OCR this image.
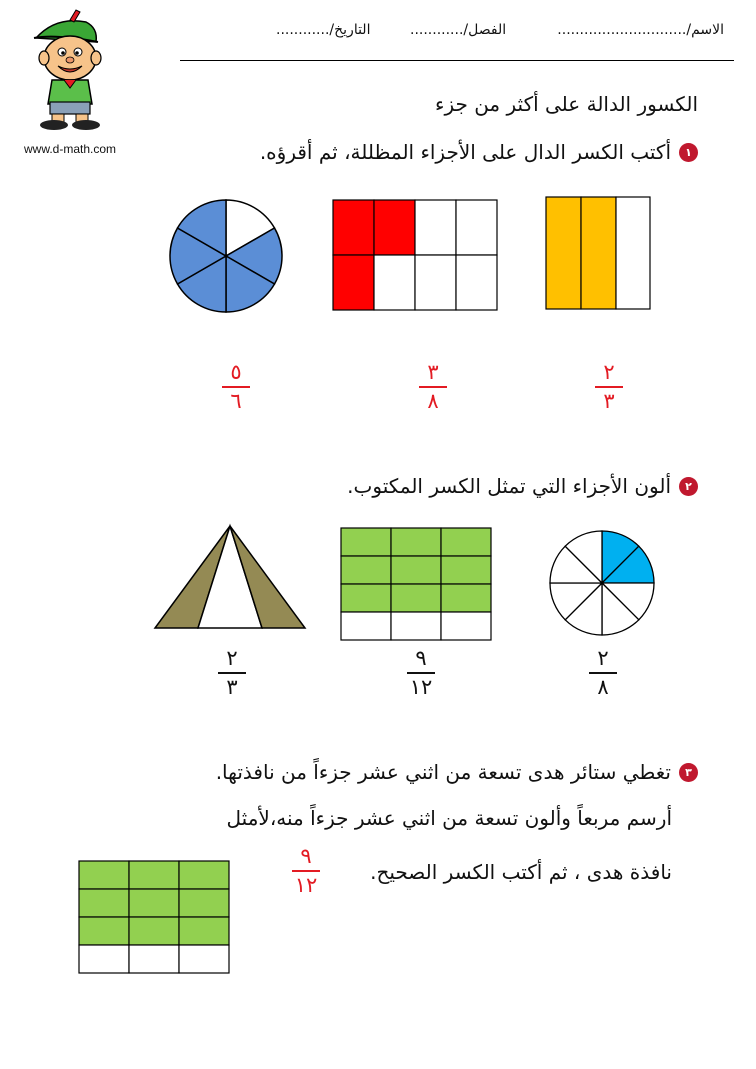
الاسم/.............................
الفصل/............
التاريخ/............
www.d-math.com
الكسور الدالة على أكثر من جزء
١
أكتب الكسر الدال على الأجزاء المظللة، ثم أقرؤه.
٥
٦
٣
٨
٢
٣
٢
ألون الأجزاء التي تمثل الكسر المكتوب.
٢
٣
٩
١٢
٢
٨
٣
تغطي ستائر هدى تسعة من اثني عشر جزءاً من نافذتها.
أرسم مربعاً وألون تسعة من اثني عشر جزءاً منه،لأمثل
نافذة هدى ، ثم أكتب الكسر الصحيح.
٩
١٢
